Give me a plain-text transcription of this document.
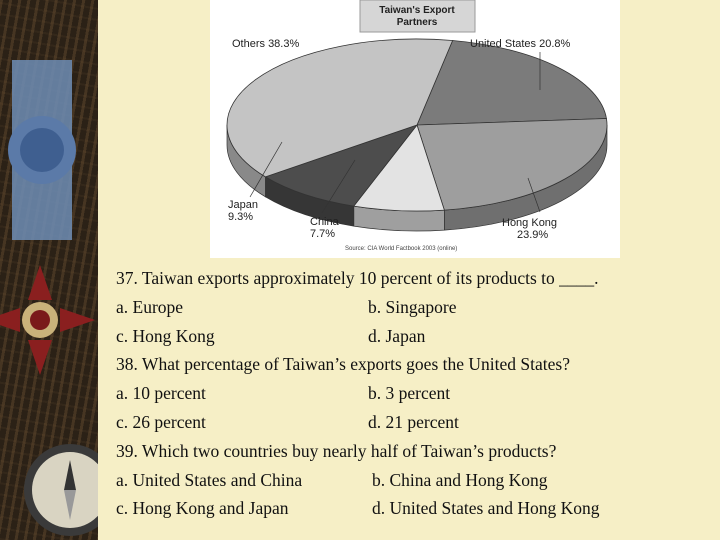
Taiwan's Export
Partners
Others 38.3%	United States 20.8%
Japan
9.3%	China
7.7%
Hong Kong
23.9%
Source: CIA World Factbook 2003 (online)
37. Taiwan exports approximately 10 percent of its products to ____.
a. Europe	b. Singapore
c. Hong Kong	d. Japan
38. What percentage of Taiwan’s exports goes the United States?
a. 10 percent	b. 3 percent
c. 26 percent	d. 21 percent
39. Which two countries buy nearly half of Taiwan’s products?
a. United States and China	b. China and Hong Kong
c. Hong Kong and Japan	d. United States and Hong Kong
